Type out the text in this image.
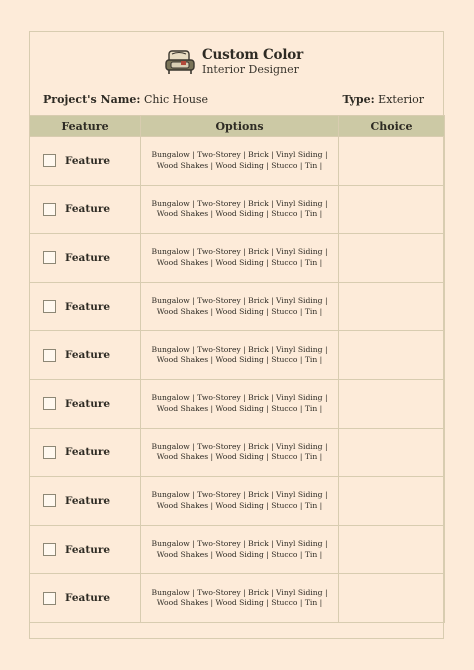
Custom Color
Interior Designer
Project's Name: Chic House	Type: Exterior
Feature	Options	Choice

Feature	Bungalow | Two-Storey | Brick | Vinyl Siding |
Wood Shakes | Wood Siding | Stucco | Tin |	

Feature	Bungalow | Two-Storey | Brick | Vinyl Siding |
Wood Shakes | Wood Siding | Stucco | Tin |	

Feature	Bungalow | Two-Storey | Brick | Vinyl Siding |
Wood Shakes | Wood Siding | Stucco | Tin |	

Feature	Bungalow | Two-Storey | Brick | Vinyl Siding |
Wood Shakes | Wood Siding | Stucco | Tin |	

Feature	Bungalow | Two-Storey | Brick | Vinyl Siding |
Wood Shakes | Wood Siding | Stucco | Tin |	

Feature	Bungalow | Two-Storey | Brick | Vinyl Siding |
Wood Shakes | Wood Siding | Stucco | Tin |	

Feature	Bungalow | Two-Storey | Brick | Vinyl Siding |
Wood Shakes | Wood Siding | Stucco | Tin |	

Feature	Bungalow | Two-Storey | Brick | Vinyl Siding |
Wood Shakes | Wood Siding | Stucco | Tin |	

Feature	Bungalow | Two-Storey | Brick | Vinyl Siding |
Wood Shakes | Wood Siding | Stucco | Tin |	

Feature	Bungalow | Two-Storey | Brick | Vinyl Siding |
Wood Shakes | Wood Siding | Stucco | Tin |	
